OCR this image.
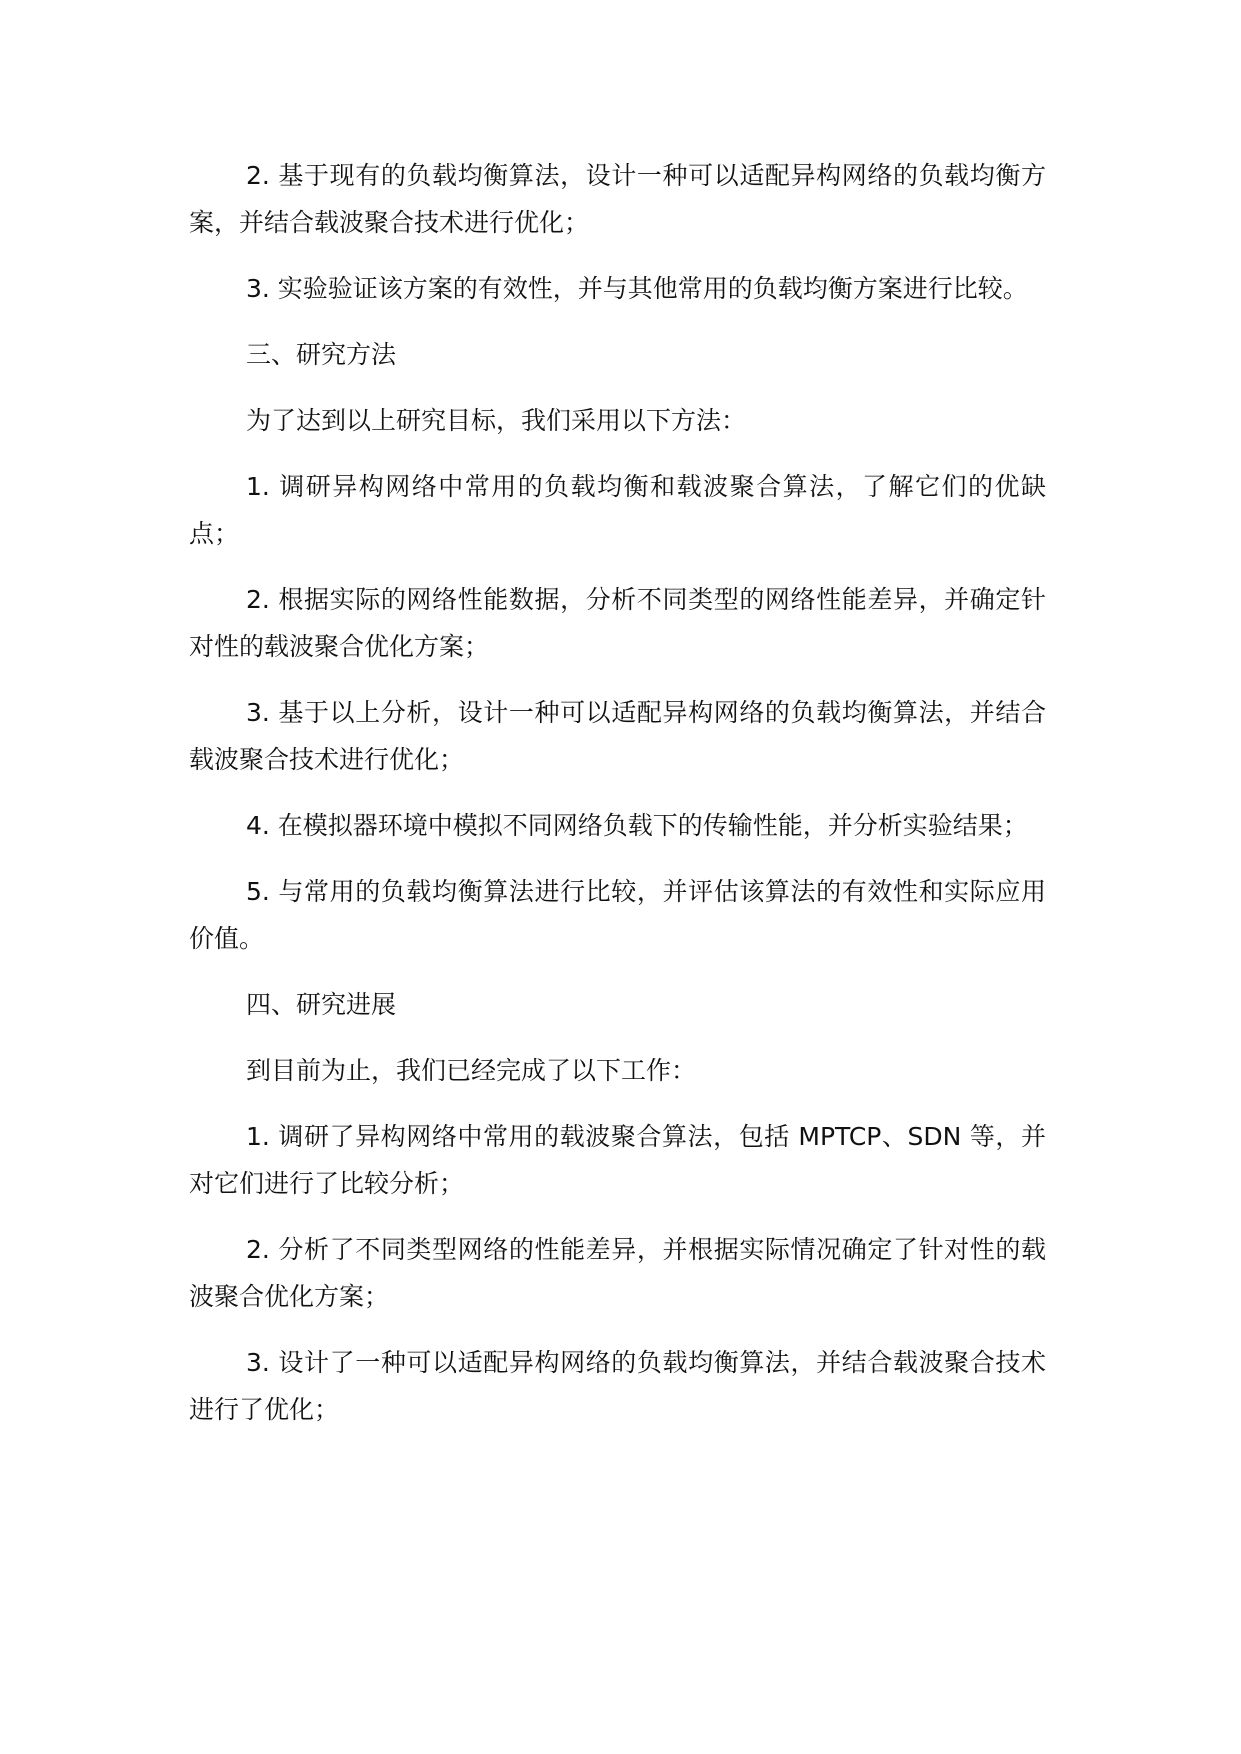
2. 基于现有的负载均衡算法，设计一种可以适配异构网络的负载均衡方案，并结合载波聚合技术进行优化；

3. 实验验证该方案的有效性，并与其他常用的负载均衡方案进行比较。

三、研究方法

为了达到以上研究目标，我们采用以下方法：

1. 调研异构网络中常用的负载均衡和载波聚合算法，了解它们的优缺点；

2. 根据实际的网络性能数据，分析不同类型的网络性能差异，并确定针对性的载波聚合优化方案；

3. 基于以上分析，设计一种可以适配异构网络的负载均衡算法，并结合载波聚合技术进行优化；

4. 在模拟器环境中模拟不同网络负载下的传输性能，并分析实验结果；

5. 与常用的负载均衡算法进行比较，并评估该算法的有效性和实际应用价值。

四、研究进展

到目前为止，我们已经完成了以下工作：

1. 调研了异构网络中常用的载波聚合算法，包括 MPTCP、SDN 等，并对它们进行了比较分析；

2. 分析了不同类型网络的性能差异，并根据实际情况确定了针对性的载波聚合优化方案；

3. 设计了一种可以适配异构网络的负载均衡算法，并结合载波聚合技术进行了优化；
